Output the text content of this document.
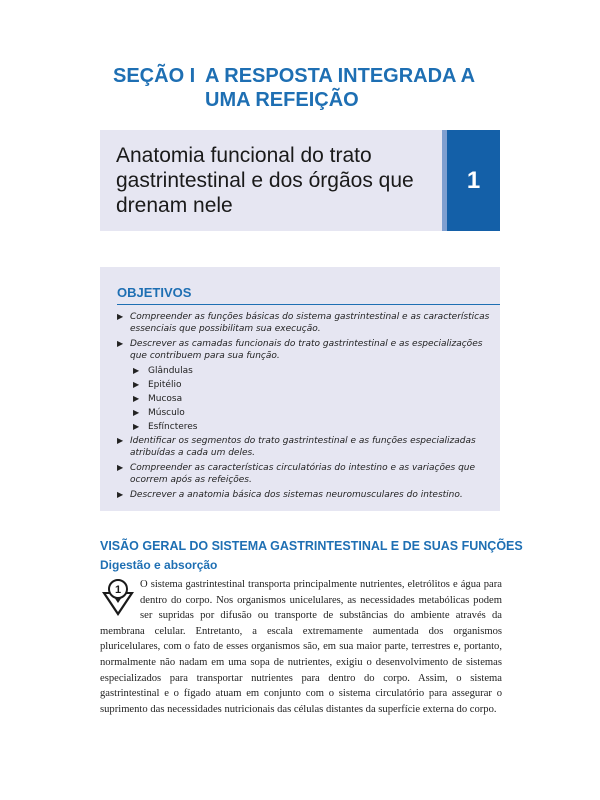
SEÇÃO I A RESPOSTA INTEGRADA A UMA REFEIÇÃO
Anatomia funcional do trato gastrintestinal e dos órgãos que drenam nele
1
OBJETIVOS
▶ Compreender as funções básicas do sistema gastrintestinal e as características essenciais que possibilitam sua execução.
▶ Descrever as camadas funcionais do trato gastrintestinal e as especializações que contribuem para sua função.
▶ Glândulas
▶ Epitélio
▶ Mucosa
▶ Músculo
▶ Esfíncteres
▶ Identificar os segmentos do trato gastrintestinal e as funções especializadas atribuídas a cada um deles.
▶ Compreender as características circulatórias do intestino e as variações que ocorrem após as refeições.
▶ Descrever a anatomia básica dos sistemas neuromusculares do intestino.
VISÃO GERAL DO SISTEMA GASTRINTESTINAL E DE SUAS FUNÇÕES
Digestão e absorção
1	O sistema gastrintestinal transporta principalmente nutrientes, eletrólitos e água para dentro do corpo. Nos organismos unicelulares, as necessidades metabólicas podem ser supridas por difusão ou transporte de substâncias do ambiente através da membrana celular. Entretanto, a escala extremamente aumentada dos organismos pluricelulares, com o fato de esses organismos são, em sua maior parte, terrestres e, portanto, normalmente não nadam em uma sopa de nutrientes, exigiu o desenvolvimento de sistemas especializados para transportar nutrientes para dentro do corpo. Assim, o sistema gastrintestinal e o fígado atuam em conjunto com o sistema circulatório para assegurar o suprimento das necessidades nutricionais das células distantes da superfície externa do corpo.
